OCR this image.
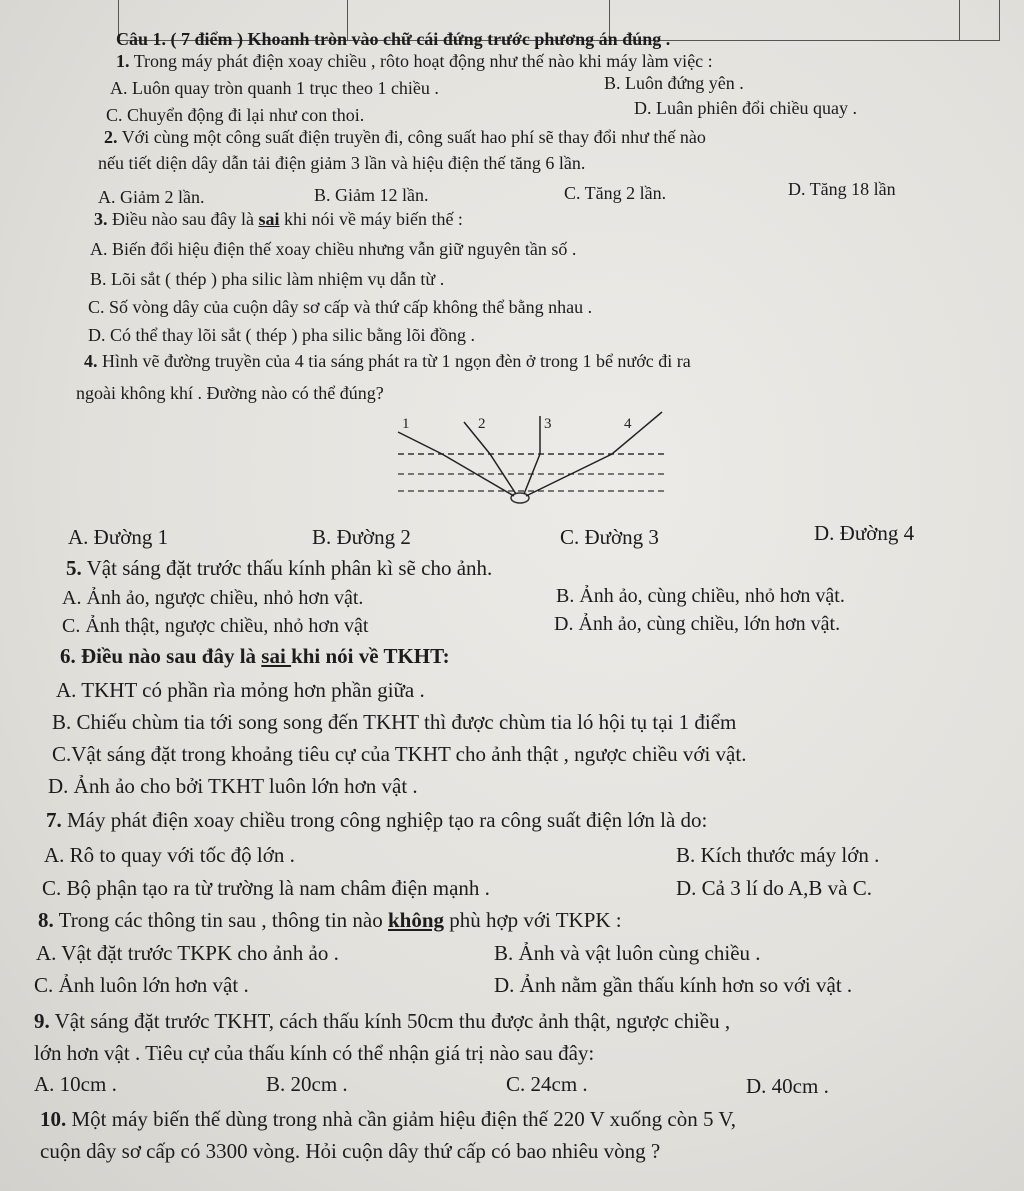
Câu 1. ( 7 điểm ) Khoanh tròn vào chữ cái đứng trước phương án đúng .
1. Trong máy phát điện xoay chiều , rôto hoạt động như thế nào khi máy làm việc :
A. Luôn quay tròn quanh 1 trục theo 1 chiều .	B. Luôn đứng yên .
C. Chuyển động đi lại như con thoi.	D. Luân phiên đổi chiều quay .
2. Với cùng một công suất điện truyền đi, công suất hao phí sẽ thay đổi như thế nào
nếu tiết diện dây dẫn tải điện giảm 3 lần và hiệu điện thế tăng 6 lần.
A. Giảm 2 lần.	B. Giảm 12 lần.	C. Tăng 2 lần.	D. Tăng 18 lần
3. Điều nào sau đây là sai khi nói về máy biến thế :
A. Biến đổi hiệu điện thế xoay chiều nhưng vẫn giữ nguyên tần số .
B. Lõi sắt ( thép ) pha silic làm nhiệm vụ dẫn từ .
C. Số vòng dây của cuộn dây sơ cấp và thứ cấp không thể bằng nhau .
D. Có thể thay lõi sắt ( thép ) pha silic bằng lõi đồng .
4. Hình vẽ đường truyền của 4 tia sáng phát ra từ 1 ngọn đèn ở trong 1 bể nước đi ra
ngoài không khí . Đường nào có thể đúng?
1	2	3	4
A. Đường 1	B. Đường 2	C. Đường 3	D. Đường 4
5. Vật sáng đặt trước thấu kính phân kì sẽ cho ảnh.
A. Ảnh ảo, ngược chiều, nhỏ hơn vật.	B. Ảnh ảo, cùng chiều, nhỏ hơn vật.
C. Ảnh thật, ngược chiều, nhỏ hơn vật	D. Ảnh ảo, cùng chiều, lớn hơn vật.
6. Điều nào sau đây là sai khi nói về TKHT:
A. TKHT có phần rìa mỏng hơn phần giữa .
B. Chiếu chùm tia tới song song đến TKHT thì được chùm tia ló hội tụ tại 1 điểm
C.Vật sáng đặt trong khoảng tiêu cự của TKHT cho ảnh thật , ngược chiều với vật.
D. Ảnh ảo cho bởi TKHT luôn lớn hơn vật .
7. Máy phát điện xoay chiều trong công nghiệp tạo ra công suất điện lớn là do:
A. Rô to quay với tốc độ lớn .	B. Kích thước máy lớn .
C. Bộ phận tạo ra từ trường là nam châm điện mạnh .	D. Cả 3 lí do A,B và C.
8. Trong các thông tin sau , thông tin nào không phù hợp với TKPK :
A. Vật đặt trước TKPK cho ảnh ảo .	B. Ảnh và vật luôn cùng chiều .
C. Ảnh luôn lớn hơn vật .	D. Ảnh nằm gần thấu kính hơn so với vật .
9. Vật sáng đặt trước TKHT, cách thấu kính 50cm thu được ảnh thật, ngược chiều ,
lớn hơn vật . Tiêu cự của thấu kính có thể nhận giá trị nào sau đây:
A. 10cm .	B. 20cm .	C. 24cm .	D. 40cm .
10. Một máy biến thế dùng trong nhà cần giảm hiệu điện thế 220 V xuống còn 5 V,
cuộn dây sơ cấp có 3300 vòng. Hỏi cuộn dây thứ cấp có bao nhiêu vòng ?
